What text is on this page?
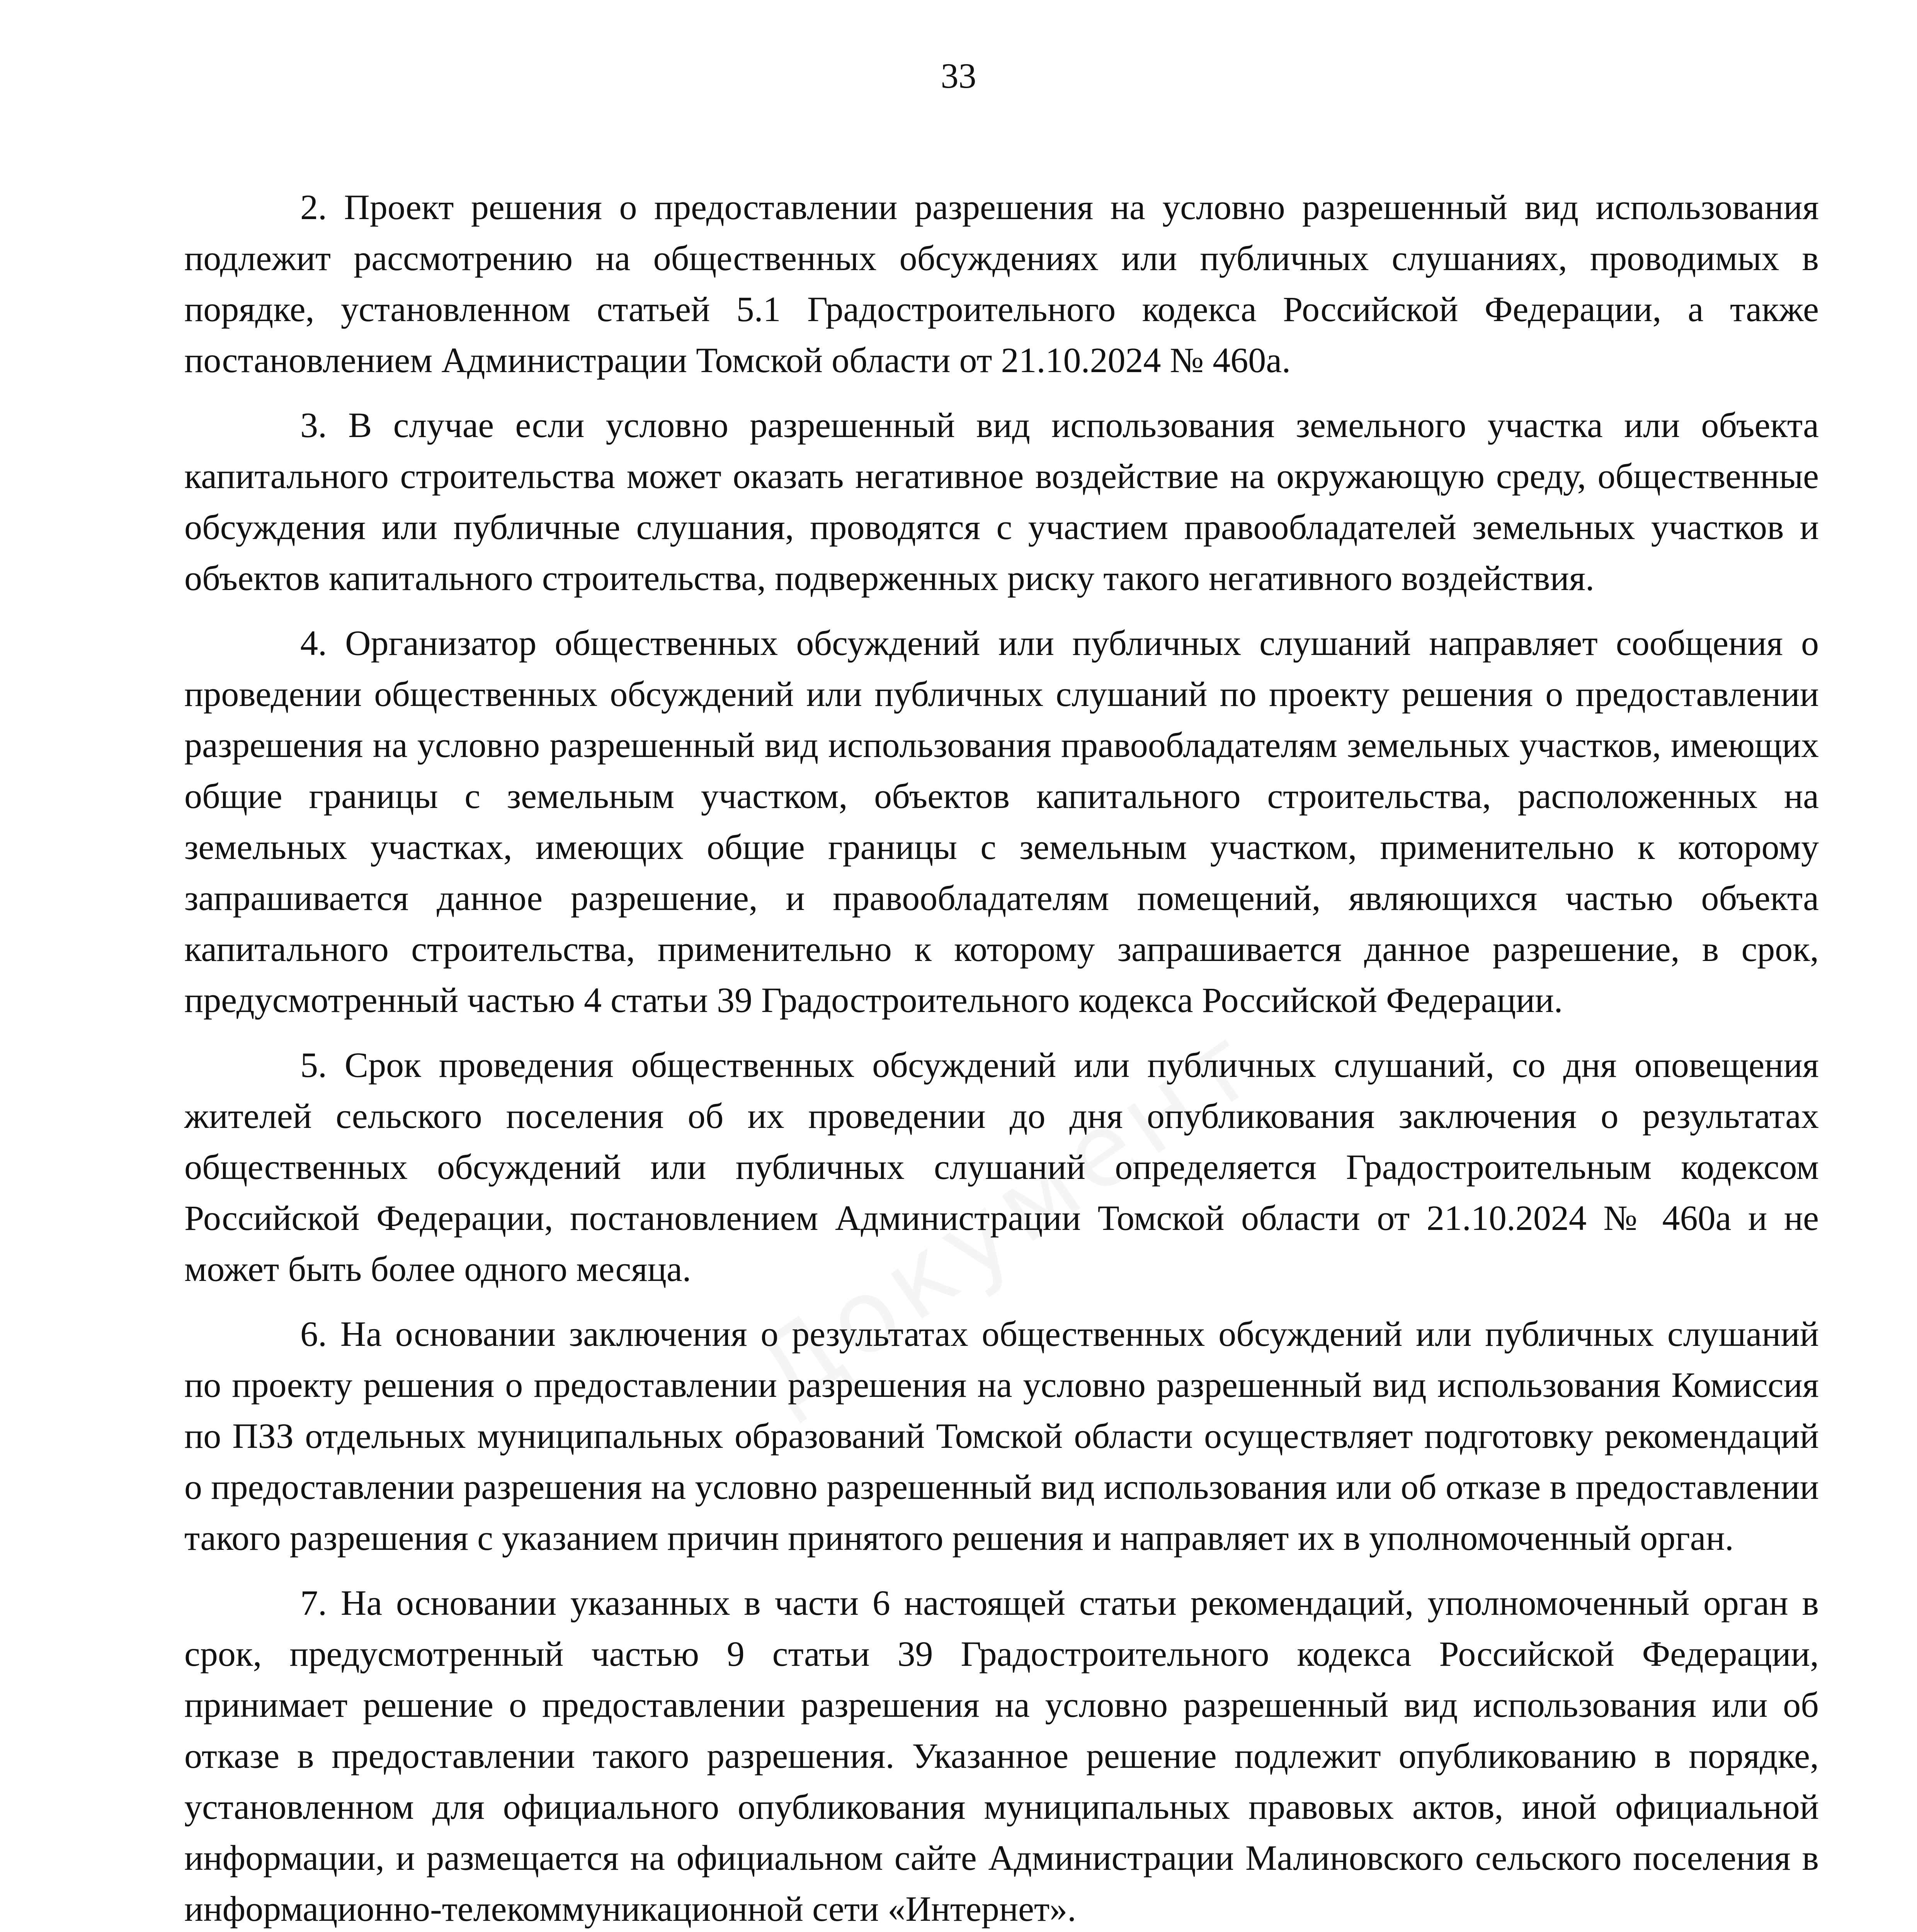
33

2. Проект решения о предоставлении разрешения на условно разрешенный вид использования подлежит рассмотрению на общественных обсуждениях или публичных слушаниях, проводимых в порядке, установленном статьей 5.1 Градостроительного кодекса Российской Федерации, а также постановлением Администрации Томской области от 21.10.2024 № 460а.

3. В случае если условно разрешенный вид использования земельного участка или объекта капитального строительства может оказать негативное воздействие на окружающую среду, общественные обсуждения или публичные слушания, проводятся с участием правообладателей земельных участков и объектов капитального строительства, подверженных риску такого негативного воздействия.

4. Организатор общественных обсуждений или публичных слушаний направляет сообщения о проведении общественных обсуждений или публичных слушаний по проекту решения о предоставлении разрешения на условно разрешенный вид использования правообладателям земельных участков, имеющих общие границы с земельным участком, объектов капитального строительства, расположенных на земельных участках, имеющих общие границы с земельным участком, применительно к которому запрашивается данное разрешение, и правообладателям помещений, являющихся частью объекта капитального строительства, применительно к которому запрашивается данное разрешение, в срок, предусмотренный частью 4 статьи 39 Градостроительного кодекса Российской Федерации.

5. Срок проведения общественных обсуждений или публичных слушаний, со дня оповещения жителей сельского поселения об их проведении до дня опубликования заключения о результатах общественных обсуждений или публичных слушаний определяется Градостроительным кодексом Российской Федерации, постановлением Администрации Томской области от 21.10.2024 № 460а и не может быть более одного месяца.

6. На основании заключения о результатах общественных обсуждений или публичных слушаний по проекту решения о предоставлении разрешения на условно разрешенный вид использования Комиссия по ПЗЗ отдельных муниципальных образований Томской области осуществляет подготовку рекомендаций о предоставлении разрешения на условно разрешенный вид использования или об отказе в предоставлении такого разрешения с указанием причин принятого решения и направляет их в уполномоченный орган.

7. На основании указанных в части 6 настоящей статьи рекомендаций, уполномоченный орган в срок, предусмотренный частью 9 статьи 39 Градостроительного кодекса Российской Федерации, принимает решение о предоставлении разрешения на условно разрешенный вид использования или об отказе в предоставлении такого разрешения. Указанное решение подлежит опубликованию в порядке, установленном для официального опубликования муниципальных правовых актов, иной официальной информации, и размещается на официальном сайте Администрации Малиновского сельского поселения в информационно-телекоммуникационной сети «Интернет».
